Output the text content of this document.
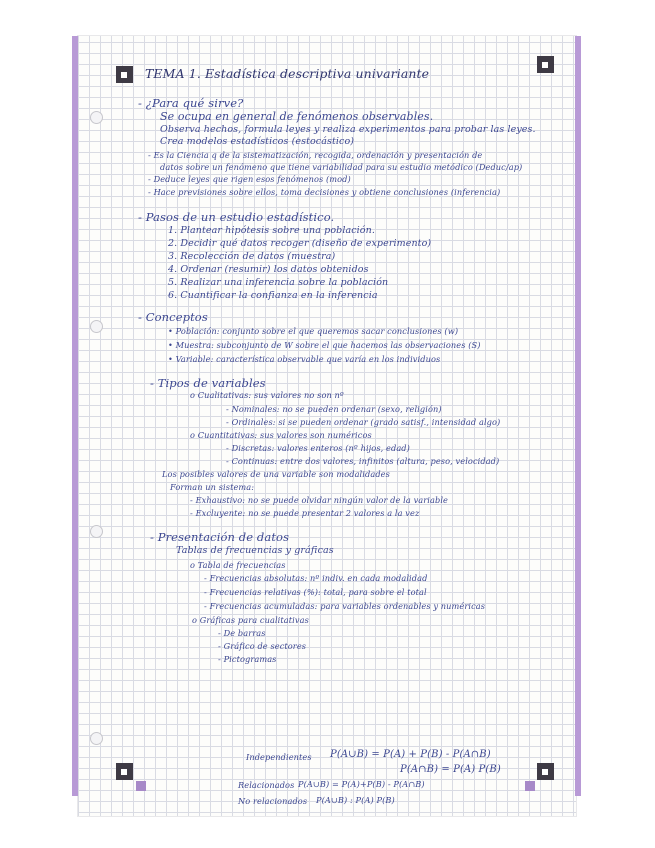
TEMA 1. Estadística descriptiva univariante
- ¿Para qué sirve?
Se ocupa en general de fenómenos observables.
Observa hechos, formula leyes y realiza experimentos para probar las leyes.
Crea modelos estadísticos (estocástico)
- Es la Ciencia q de la sistematización, recogida, ordenación y presentación de
datos sobre un fenómeno que tiene variabilidad para su estudio metódico (Deduc/ap)
- Deduce leyes que rigen esos fenómenos (mod)
- Hace previsiones sobre ellos, toma decisiones y obtiene conclusiones (inferencia)
- Pasos de un estudio estadístico.
1. Plantear hipótesis sobre una población.
2. Decidir qué datos recoger (diseño de experimento)
3. Recolección de datos (muestra)
4. Ordenar (resumir) los datos obtenidos
5. Realizar una inferencia sobre la población
6. Cuantificar la confianza en la inferencia
- Conceptos
• Población: conjunto sobre el que queremos sacar conclusiones (w)
• Muestra: subconjunto de W sobre el que hacemos las observaciones (S)
• Variable: característica observable que varía en los individuos
- Tipos de variables
o Cualitativas: sus valores no son nº
- Nominales: no se pueden ordenar (sexo, religión)
- Ordinales: si se pueden ordenar (grado satisf., intensidad algo)
o Cuantitativas: sus valores son numéricos
- Discretas: valores enteros (nº hijos, edad)
- Continuas: entre dos valores, infinitos (altura, peso, velocidad)
Los posibles valores de una variable son modalidades
Forman un sistema:
- Exhaustivo: no se puede olvidar ningún valor de la variable
- Excluyente: no se puede presentar 2 valores a la vez
- Presentación de datos
Tablas de frecuencias y gráficas
o Tabla de frecuencias
- Frecuencias absolutas: nº indiv. en cada modalidad
- Frecuencias relativas (%): total, para sobre el total
- Frecuencias acumuladas: para variables ordenables y numéricas
o Gráficas para cualitativas
- De barras
- Gráfico de sectores
- Pictogramas
Independientes P(A∪B) = P(A) + P(B) - P(A∩B)
P(A∩B) = P(A) P(B)
Relacionados P(A∪B) = P(A)+P(B) - P(A∩B)
No relacionados P(A∪B) : P(A) P(B)
